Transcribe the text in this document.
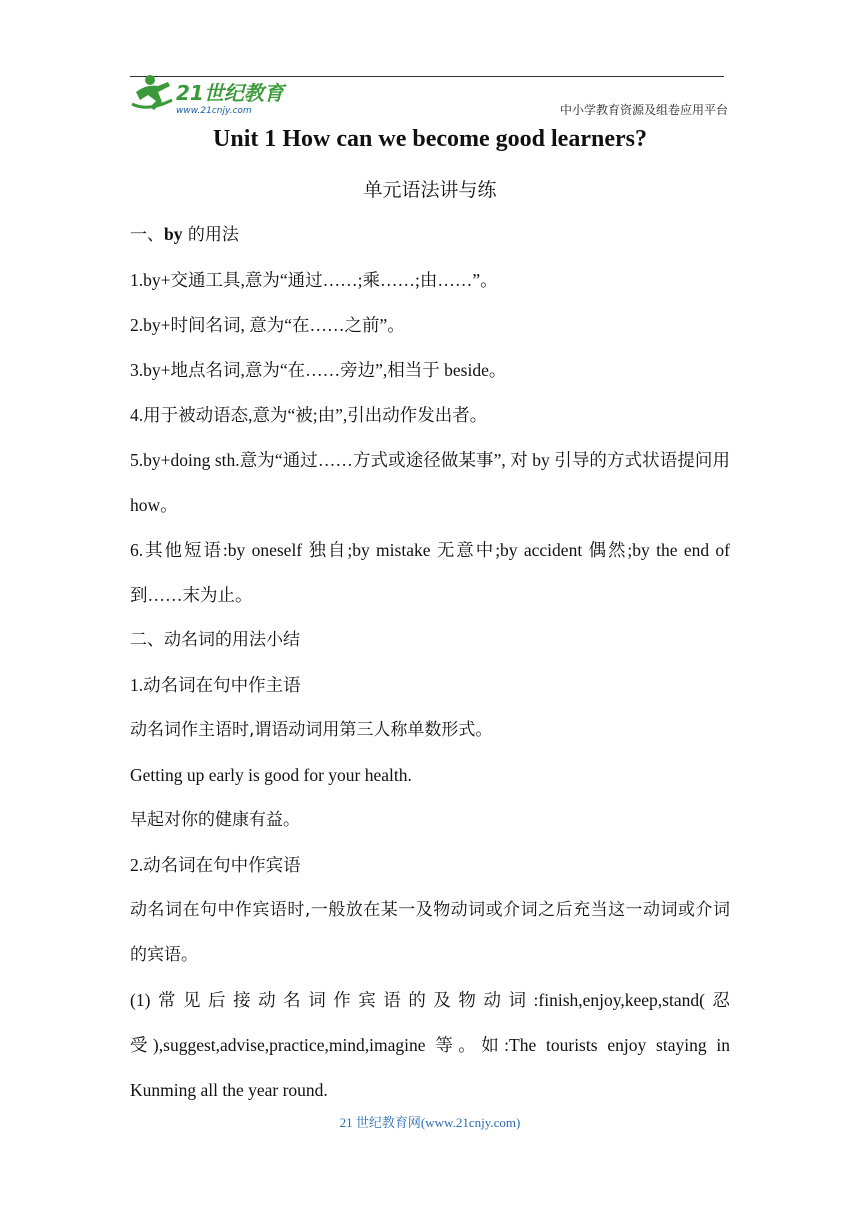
21世纪教育
www.21cnjy.com	中小学教育资源及组卷应用平台
Unit 1 How can we become good learners?
单元语法讲与练

一、by 的用法

1.by+交通工具,意为“通过……;乘……;由……”。

2.by+时间名词, 意为“在……之前”。

3.by+地点名词,意为“在……旁边”,相当于 beside。

4.用于被动语态,意为“被;由”,引出动作发出者。

5.by+doing sth.意为“通过……方式或途径做某事”, 对 by 引导的方式状语提问用 how。

6.其他短语:by oneself 独自;by mistake 无意中;by accident 偶然;by the end of 到……末为止。

二、动名词的用法小结

1.动名词在句中作主语

动名词作主语时,谓语动词用第三人称单数形式。

Getting up early is good for your health.

早起对你的健康有益。

2.动名词在句中作宾语

动名词在句中作宾语时,一般放在某一及物动词或介词之后充当这一动词或介词的宾语。

(1)常见后接动名词作宾语的及物动词:finish,enjoy,keep,stand(忍受),suggest,advise,practice,mind,imagine 等。如:The tourists enjoy staying in Kunming all the year round.

21 世纪教育网(www.21cnjy.com)
